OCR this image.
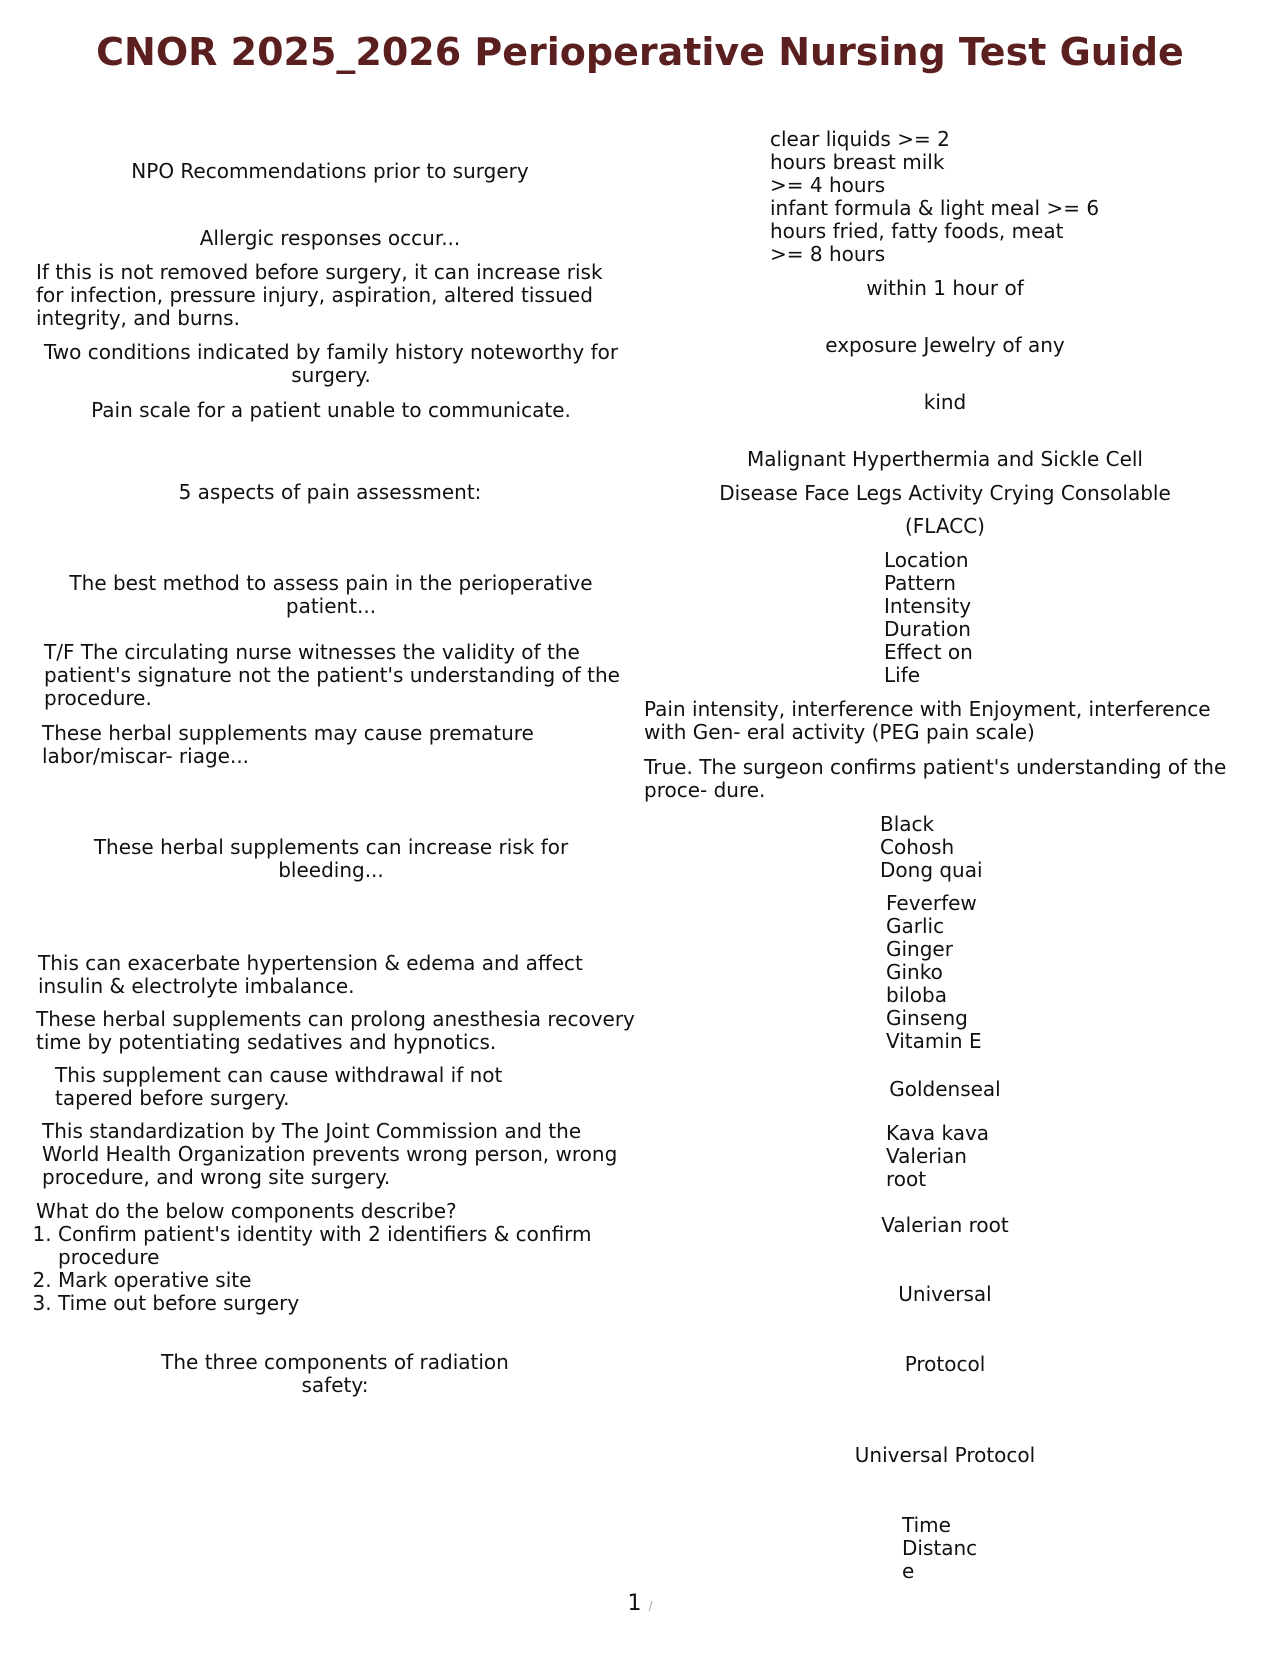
CNOR 2025_2026 Perioperative Nursing Test Guide
NPO Recommendations prior to surgery
Allergic responses occur...
If this is not removed before surgery, it can increase risk for infection, pressure injury, aspiration, altered tissued integrity, and burns.
Two conditions indicated by family history noteworthy for surgery.
Pain scale for a patient unable to communicate.
5 aspects of pain assessment:
The best method to assess pain in the perioperative patient...
T/F The circulating nurse witnesses the validity of the patient's signature not the patient's understanding of the procedure.
These herbal supplements may cause premature labor/miscar- riage...
These herbal supplements can increase risk for bleeding...
This can exacerbate hypertension & edema and affect insulin & electrolyte imbalance.
These herbal supplements can prolong anesthesia recovery time by potentiating sedatives and hypnotics.
This supplement can cause withdrawal if not tapered before surgery.
This standardization by The Joint Commission and the World Health Organization prevents wrong person, wrong procedure, and wrong site surgery.
What do the below components describe?
1. Confirm patient's identity with 2 identifiers & confirm procedure
2. Mark operative site
3. Time out before surgery
The three components of radiation safety:
clear liquids >= 2
hours breast milk
>= 4 hours
infant formula & light meal >= 6
hours fried, fatty foods, meat
>= 8 hours
within 1 hour of
exposure Jewelry of any
kind
Malignant Hyperthermia and Sickle Cell
Disease Face Legs Activity Crying Consolable
(FLACC)
Location
Pattern
Intensity
Duration
Effect on
Life
Pain intensity, interference with Enjoyment, interference with Gen- eral activity (PEG pain scale)
True. The surgeon confirms patient's understanding of the proce- dure.
Black
Cohosh
Dong quai
Feverfew
Garlic
Ginger
Ginko
biloba
Ginseng
Vitamin E
Goldenseal
Kava kava
Valerian
root
Valerian root
Universal
Protocol
Universal Protocol
Time
Distanc
e
1 /
